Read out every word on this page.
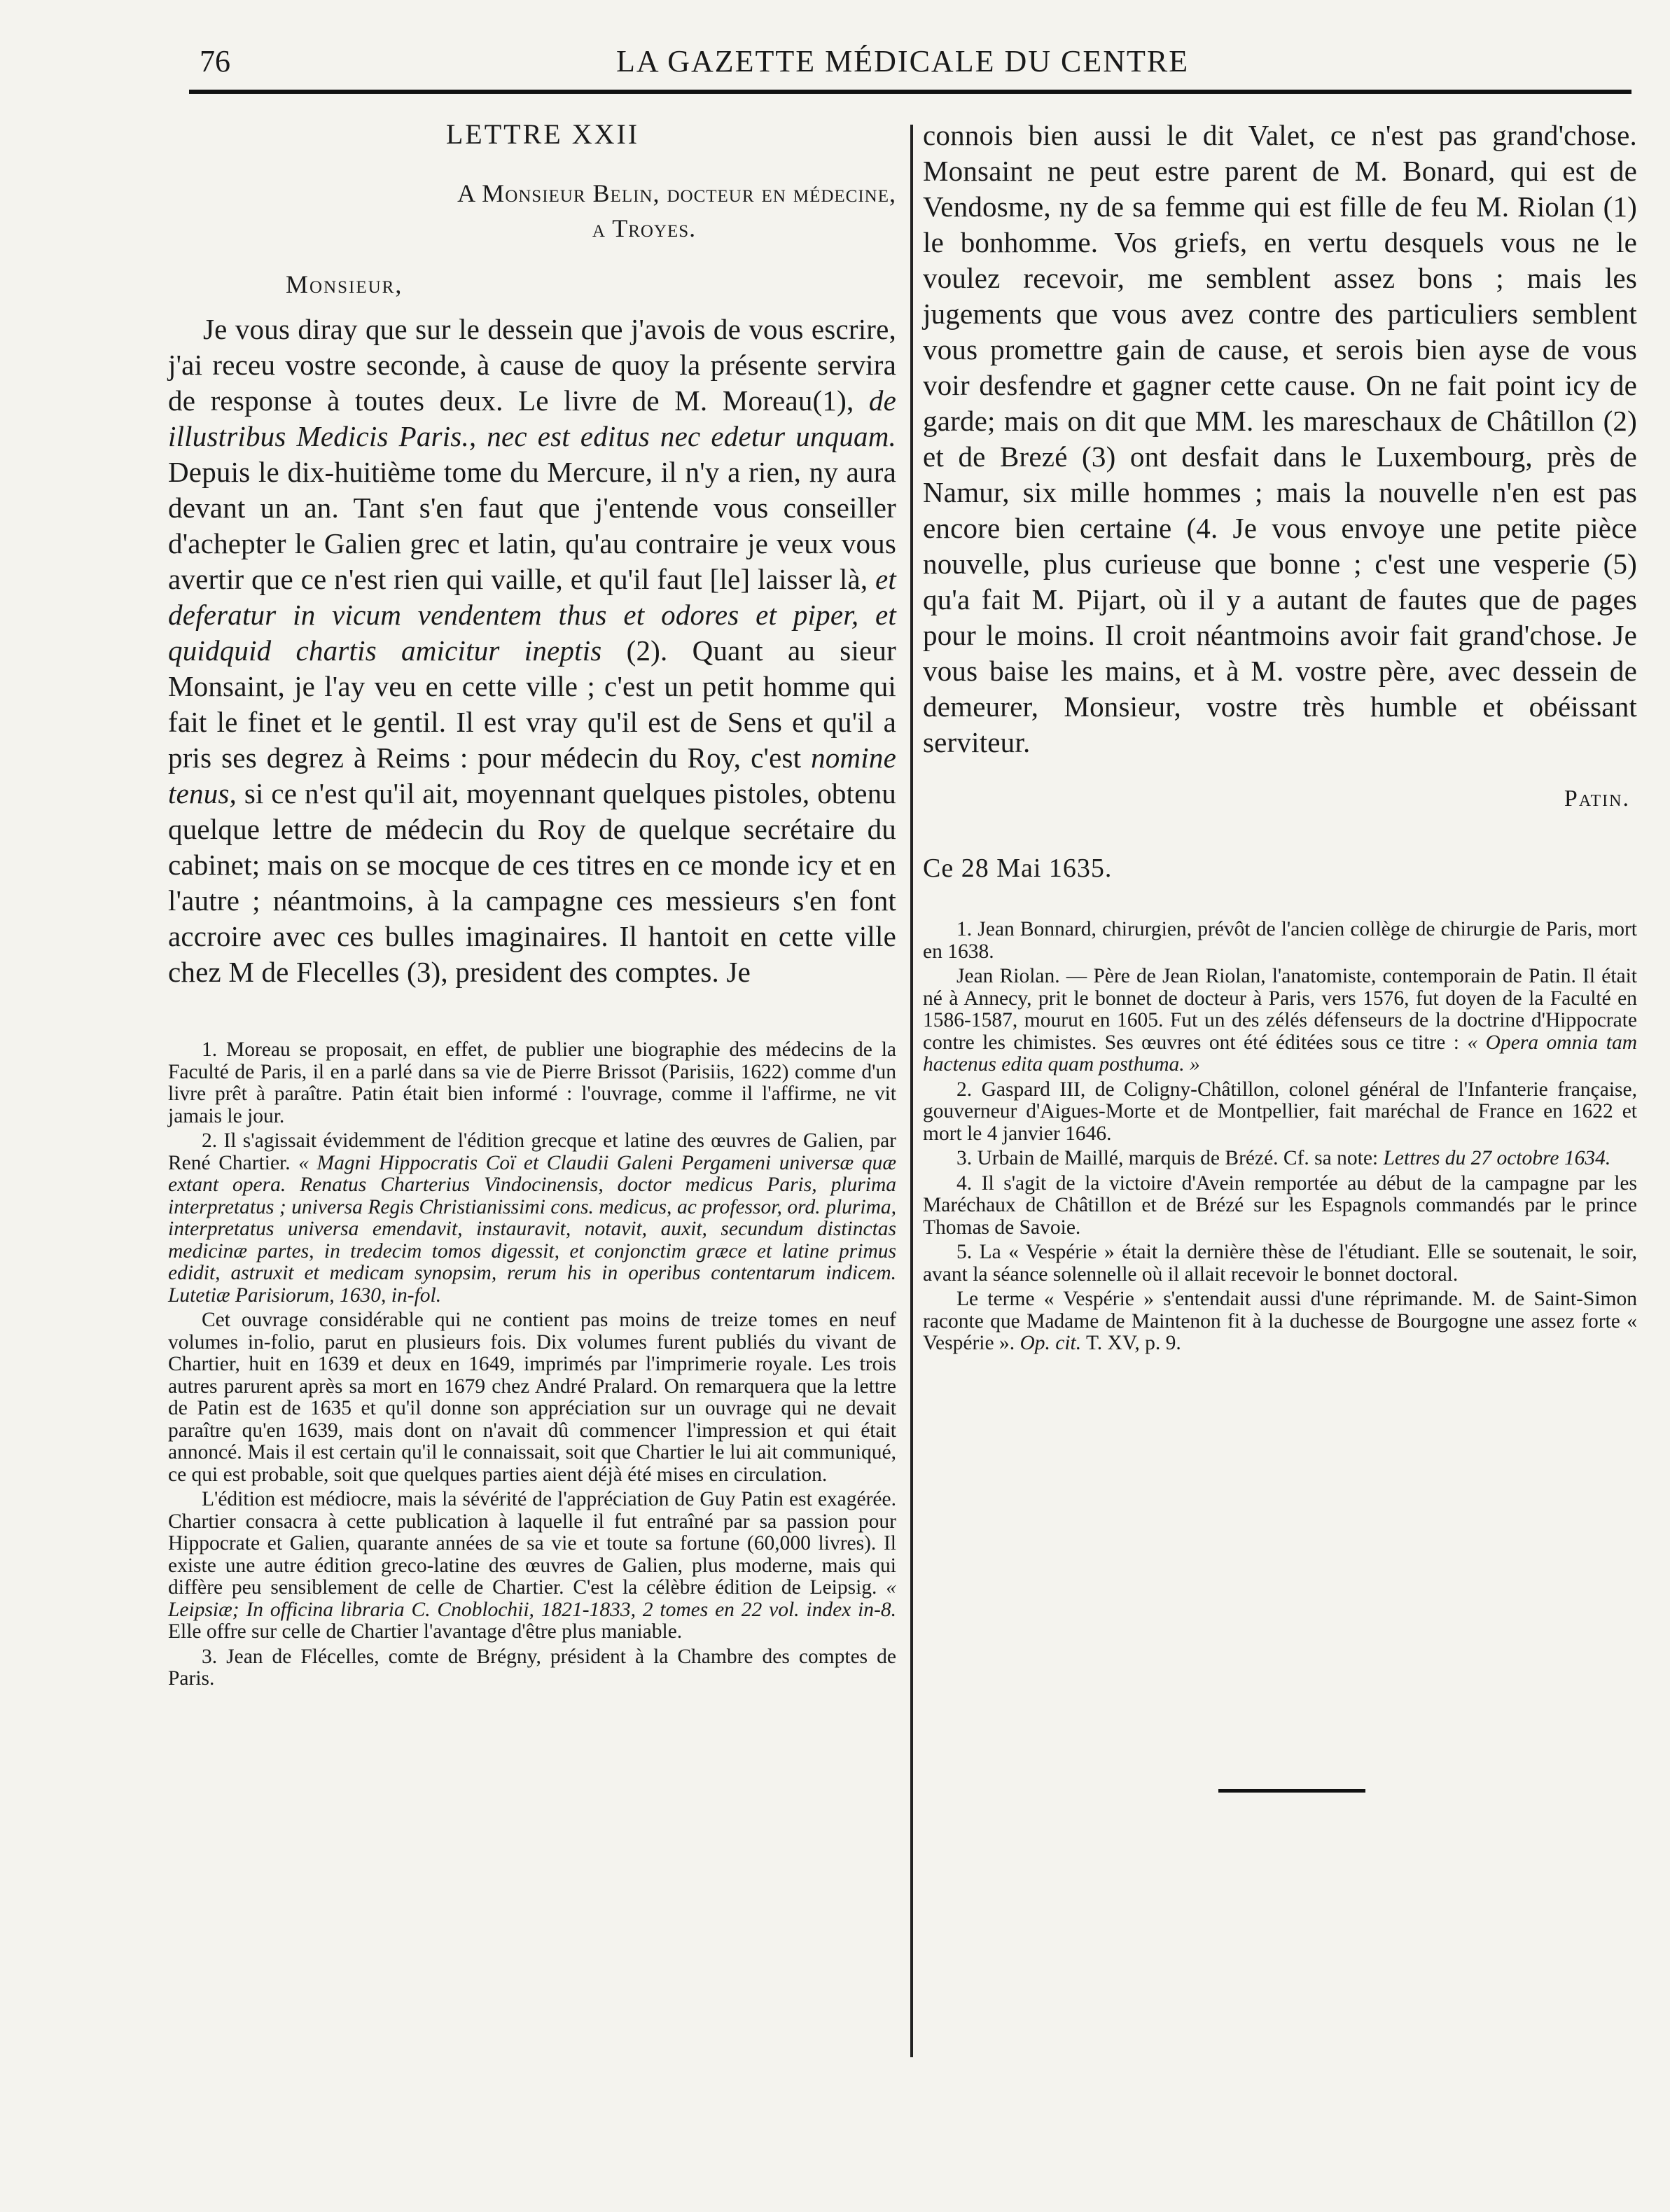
76	LA GAZETTE MÉDICALE DU CENTRE

LETTRE XXII

A Monsieur Belin, docteur en médecine,

a Troyes.

Monsieur,

Je vous diray que sur le dessein que j'avois de vous escrire, j'ai receu vostre seconde, à cause de quoy la présente servira de response à toutes deux. Le livre de M. Moreau(1), de illustribus Medicis Paris., nec est editus nec edetur unquam. Depuis le dix-huitième tome du Mercure, il n'y a rien, ny aura devant un an. Tant s'en faut que j'entende vous conseiller d'achepter le Galien grec et latin, qu'au contraire je veux vous avertir que ce n'est rien qui vaille, et qu'il faut [le] laisser là, et deferatur in vicum vendentem thus et odores et piper, et quidquid chartis amicitur ineptis (2). Quant au sieur Monsaint, je l'ay veu en cette ville ; c'est un petit homme qui fait le finet et le gentil. Il est vray qu'il est de Sens et qu'il a pris ses degrez à Reims : pour médecin du Roy, c'est nomine tenus, si ce n'est qu'il ait, moyennant quelques pistoles, obtenu quelque lettre de médecin du Roy de quelque secrétaire du cabinet; mais on se mocque de ces titres en ce monde icy et en l'autre ; néantmoins, à la campagne ces messieurs s'en font accroire avec ces bulles imaginaires. Il hantoit en cette ville chez M de Flecelles (3), president des comptes. Je

1. Moreau se proposait, en effet, de publier une biographie des médecins de la Faculté de Paris, il en a parlé dans sa vie de Pierre Brissot (Parisiis, 1622) comme d'un livre prêt à paraître. Patin était bien informé : l'ouvrage, comme il l'affirme, ne vit jamais le jour.

2. Il s'agissait évidemment de l'édition grecque et latine des œuvres de Galien, par René Chartier. « Magni Hippocratis Coï et Claudii Galeni Pergameni universæ quæ extant opera. Renatus Charterius Vindocinensis, doctor medicus Paris, plurima interpretatus ; universa Regis Christianissimi cons. medicus, ac professor, ord. plurima, interpretatus universa emendavit, instauravit, notavit, auxit, secundum distinctas medicinæ partes, in tredecim tomos digessit, et conjonctim græce et latine primus edidit, astruxit et medicam synopsim, rerum his in operibus contentarum indicem. Lutetiæ Parisiorum, 1630, in-fol.

Cet ouvrage considérable qui ne contient pas moins de treize tomes en neuf volumes in-folio, parut en plusieurs fois. Dix volumes furent publiés du vivant de Chartier, huit en 1639 et deux en 1649, imprimés par l'imprimerie royale. Les trois autres parurent après sa mort en 1679 chez André Pralard. On remarquera que la lettre de Patin est de 1635 et qu'il donne son appréciation sur un ouvrage qui ne devait paraître qu'en 1639, mais dont on n'avait dû commencer l'impression et qui était annoncé. Mais il est certain qu'il le connaissait, soit que Chartier le lui ait communiqué, ce qui est probable, soit que quelques parties aient déjà été mises en circulation.

L'édition est médiocre, mais la sévérité de l'appréciation de Guy Patin est exagérée. Chartier consacra à cette publication à laquelle il fut entraîné par sa passion pour Hippocrate et Galien, quarante années de sa vie et toute sa fortune (60,000 livres). Il existe une autre édition greco-latine des œuvres de Galien, plus moderne, mais qui diffère peu sensiblement de celle de Chartier. C'est la célèbre édition de Leipsig. « Leipsiæ; In officina libraria C. Cnoblochii, 1821-1833, 2 tomes en 22 vol. index in-8. Elle offre sur celle de Chartier l'avantage d'être plus maniable.

3. Jean de Flécelles, comte de Brégny, président à la Chambre des comptes de Paris.

connois bien aussi le dit Valet, ce n'est pas grand'chose. Monsaint ne peut estre parent de M. Bonard, qui est de Vendosme, ny de sa femme qui est fille de feu M. Riolan (1) le bonhomme. Vos griefs, en vertu desquels vous ne le voulez recevoir, me semblent assez bons ; mais les jugements que vous avez contre des particuliers semblent vous promettre gain de cause, et serois bien ayse de vous voir desfendre et gagner cette cause. On ne fait point icy de garde; mais on dit que MM. les mareschaux de Châtillon (2) et de Brezé (3) ont desfait dans le Luxembourg, près de Namur, six mille hommes ; mais la nouvelle n'en est pas encore bien certaine (4. Je vous envoye une petite pièce nouvelle, plus curieuse que bonne ; c'est une vesperie (5) qu'a fait M. Pijart, où il y a autant de fautes que de pages pour le moins. Il croit néantmoins avoir fait grand'chose. Je vous baise les mains, et à M. vostre père, avec dessein de demeurer, Monsieur, vostre très humble et obéissant serviteur.

Patin.

Ce 28 Mai 1635.

1. Jean Bonnard, chirurgien, prévôt de l'ancien collège de chirurgie de Paris, mort en 1638.

Jean Riolan. — Père de Jean Riolan, l'anatomiste, contemporain de Patin. Il était né à Annecy, prit le bonnet de docteur à Paris, vers 1576, fut doyen de la Faculté en 1586-1587, mourut en 1605. Fut un des zélés défenseurs de la doctrine d'Hippocrate contre les chimistes. Ses œuvres ont été éditées sous ce titre : « Opera omnia tam hactenus edita quam posthuma. »

2. Gaspard III, de Coligny-Châtillon, colonel général de l'Infanterie française, gouverneur d'Aigues-Morte et de Montpellier, fait maréchal de France en 1622 et mort le 4 janvier 1646.

3. Urbain de Maillé, marquis de Brézé. Cf. sa note: Lettres du 27 octobre 1634.

4. Il s'agit de la victoire d'Avein remportée au début de la campagne par les Maréchaux de Châtillon et de Brézé sur les Espagnols commandés par le prince Thomas de Savoie.

5. La « Vespérie » était la dernière thèse de l'étudiant. Elle se soutenait, le soir, avant la séance solennelle où il allait recevoir le bonnet doctoral.

Le terme « Vespérie » s'entendait aussi d'une réprimande. M. de Saint-Simon raconte que Madame de Maintenon fit à la duchesse de Bourgogne une assez forte « Vespérie ». Op. cit. T. XV, p. 9.
